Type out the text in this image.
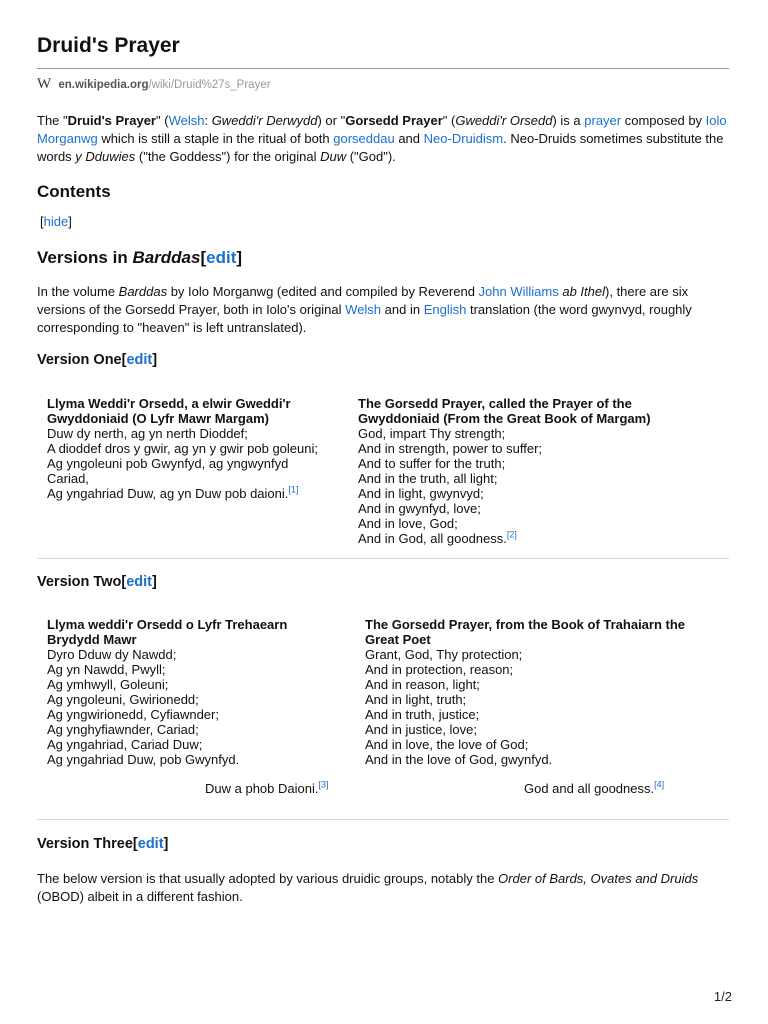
Druid's Prayer
W en.wikipedia.org/wiki/Druid%27s_Prayer

The "Druid's Prayer" (Welsh: Gweddi'r Derwydd) or "Gorsedd Prayer" (Gweddi'r Orsedd) is a prayer composed by Iolo Morganwg which is still a staple in the ritual of both gorseddau and Neo-Druidism. Neo-Druids sometimes substitute the words y Dduwies ("the Goddess") for the original Duw ("God").

Contents
[hide]
Versions in Barddas[edit]

In the volume Barddas by Iolo Morganwg (edited and compiled by Reverend John Williams ab Ithel), there are six versions of the Gorsedd Prayer, both in Iolo's original Welsh and in English translation (the word gwynvyd, roughly corresponding to "heaven" is left untranslated).

Version One[edit]

Llyma Weddi'r Orsedd, a elwir Gweddi'r

Gwyddoniaid (O Lyfr Mawr Margam)

Duw dy nerth, ag yn nerth Dioddef;

A dioddef dros y gwir, ag yn y gwir pob goleuni;

Ag yngoleuni pob Gwynfyd, ag yngwynfyd

Cariad,

Ag yngahriad Duw, ag yn Duw pob daioni.[1]

The Gorsedd Prayer, called the Prayer of the

Gwyddoniaid (From the Great Book of Margam)

God, impart Thy strength;

And in strength, power to suffer;

And to suffer for the truth;

And in the truth, all light;

And in light, gwynvyd;

And in gwynfyd, love;

And in love, God;

And in God, all goodness.[2]

Version Two[edit]

Llyma weddi'r Orsedd o Lyfr Trehaearn

Brydydd Mawr

Dyro Dduw dy Nawdd;

Ag yn Nawdd, Pwyll;

Ag ymhwyll, Goleuni;

Ag yngoleuni, Gwirionedd;

Ag yngwirionedd, Cyfiawnder;

Ag ynghyfiawnder, Cariad;

Ag yngahriad, Cariad Duw;

Ag yngahriad Duw, pob Gwynfyd.

The Gorsedd Prayer, from the Book of Trahaiarn the

Great Poet

Grant, God, Thy protection;

And in protection, reason;

And in reason, light;

And in light, truth;

And in truth, justice;

And in justice, love;

And in love, the love of God;

And in the love of God, gwynfyd.

Duw a phob Daioni.[3]	God and all goodness.[4]
Version Three[edit]

The below version is that usually adopted by various druidic groups, notably the Order of Bards, Ovates and Druids (OBOD) albeit in a different fashion.

1/2
